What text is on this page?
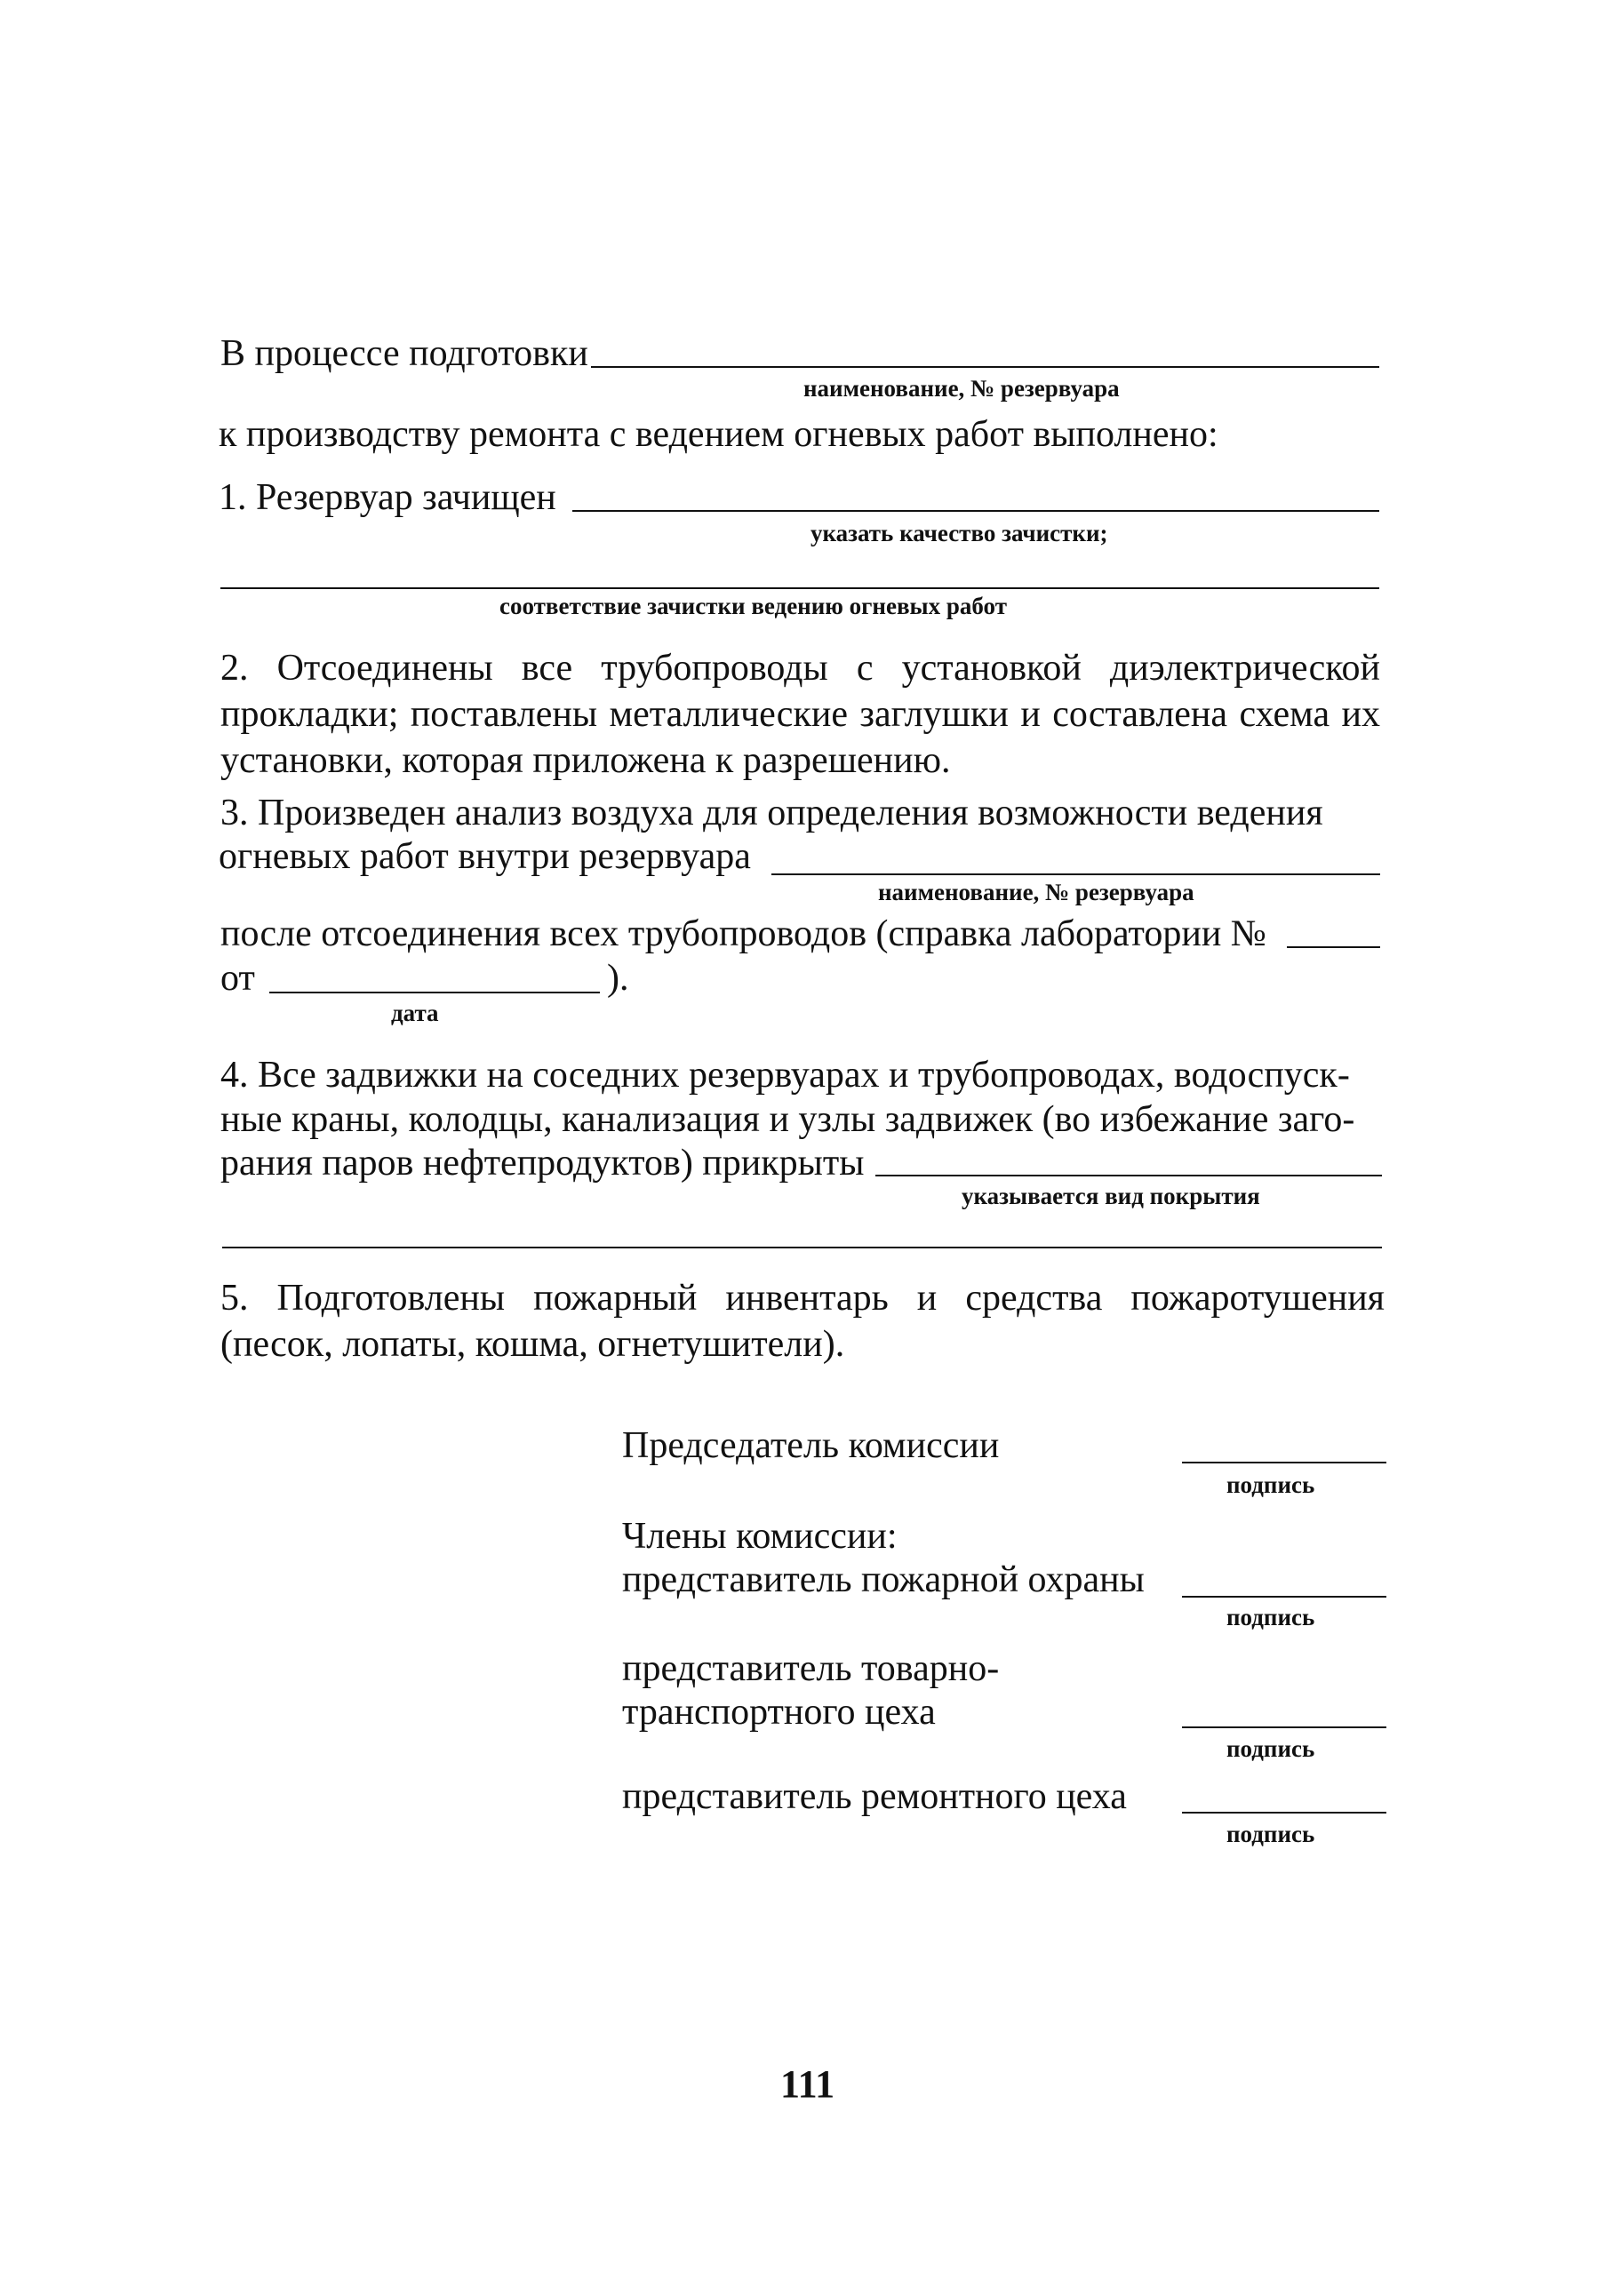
В процессе подготовки
наименование, № резервуара
к производству ремонта с ведением огневых работ выполнено:
1. Резервуар зачищен
указать качество зачистки;
соответствие зачистки ведению огневых работ
2. Отсоединены все трубопроводы с установкой диэлектрической прокладки; поставлены металлические заглушки и составлена схема их установки, которая приложена к разрешению.
3. Произведен анализ воздуха для определения возможности ведения
огневых работ внутри резервуара
наименование, № резервуара
после отсоединения всех трубопроводов (справка лаборатории №
от	).
дата
4. Все задвижки на соседних резервуарах и трубопроводах, водоспуск-
ные краны, колодцы, канализация и узлы задвижек (во избежание заго-
рания паров нефтепродуктов) прикрыты
указывается вид покрытия
5. Подготовлены пожарный инвентарь и средства пожаротушения (песок, лопаты, кошма, огнетушители).
Председатель комиссии
подпись
Члены комиссии:
представитель пожарной охраны
подпись
представитель товарно-
транспортного цеха
подпись
представитель ремонтного цеха
подпись
111
